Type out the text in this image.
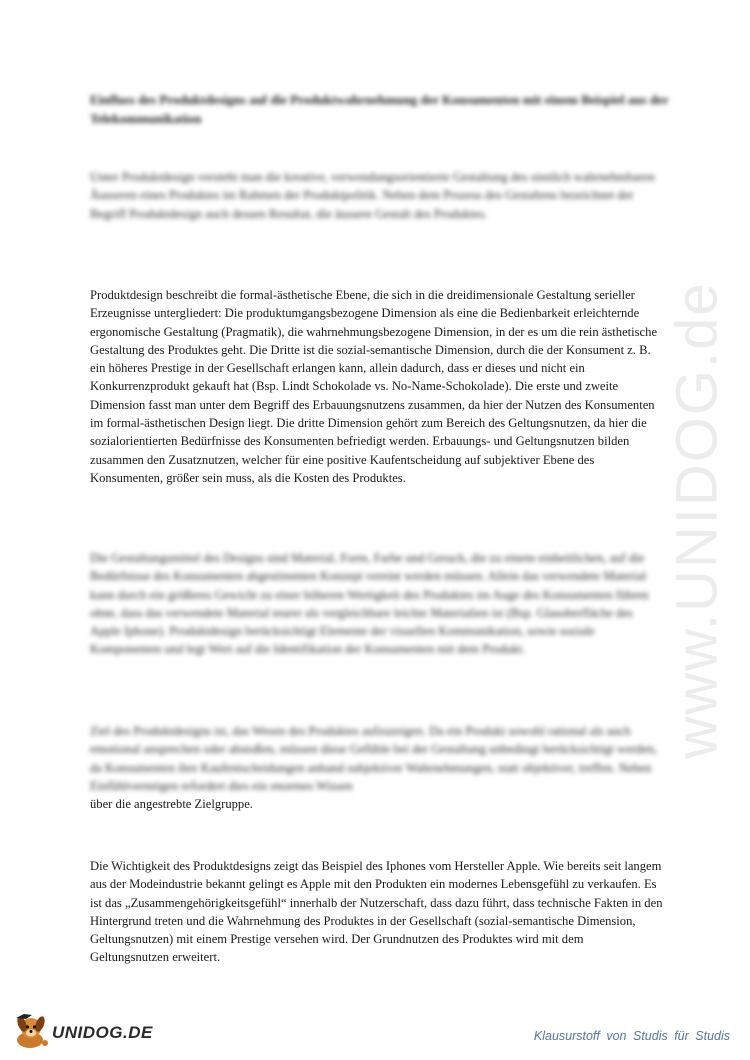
www.UNIDOG.de
Einfluss des Produktdesigns auf die Produktwahrnehmung der Konsumenten mit einem Beispiel aus der Telekommunikation

Unter Produktdesign versteht man die kreative, verwendungsorientierte Gestaltung des sinnlich wahrnehmbaren Äusseren eines Produktes im Rahmen der Produktpolitik. Neben dem Prozess des Gestaltens bezeichnet der Begriff Produktdesign auch dessen Resultat, die äussere Gestalt des Produktes.

Produktdesign beschreibt die formal-ästhetische Ebene, die sich in die dreidimensionale Gestaltung serieller Erzeugnisse untergliedert: Die produktumgangsbezogene Dimension als eine die Bedienbarkeit erleichternde ergonomische Gestaltung (Pragmatik), die wahrnehmungsbezogene Dimension, in der es um die rein ästhetische Gestaltung des Produktes geht. Die Dritte ist die sozial-semantische Dimension, durch die der Konsument z. B. ein höheres Prestige in der Gesellschaft erlangen kann, allein dadurch, dass er dieses und nicht ein Konkurrenzprodukt gekauft hat (Bsp. Lindt Schokolade vs. No-Name-Schokolade). Die erste und zweite Dimension fasst man unter dem Begriff des Erbauungsnutzens zusammen, da hier der Nutzen des Konsumenten im formal-ästhetischen Design liegt. Die dritte Dimension gehört zum Bereich des Geltungsnutzen, da hier die sozialorientierten Bedürfnisse des Konsumenten befriedigt werden. Erbauungs- und Geltungsnutzen bilden zusammen den Zusatznutzen, welcher für eine positive Kaufentscheidung auf subjektiver Ebene des Konsumenten, größer sein muss, als die Kosten des Produktes.

Die Gestaltungsmittel des Designs sind Material, Form, Farbe und Geruch, die zu einem einheitlichen, auf die Bedürfnisse des Konsumenten abgestimmten Konzept vereint werden müssen. Allein das verwendete Material kann durch ein größeres Gewicht zu einer höheren Wertigkeit des Produktes im Auge des Konsumenten führen ohne, dass das verwendete Material teurer als vergleichbare leichte Materialien ist (Bsp. Glasoberfläche des Apple Iphone). Produktdesign berücksichtigt Elemente der visuellen Kommunikation, sowie soziale Komponenten und legt Wert auf die Identifikation der Konsumenten mit dem Produkt.

Ziel des Produktdesigns ist, das Wesen des Produktes aufzuzeigen. Da ein Produkt sowohl rational als auch emotional ansprechen oder abstoßen, müssen diese Gefühle bei der Gestaltung unbedingt berücksichtigt werden, da Konsumenten ihre Kaufentscheidungen anhand subjektiver Wahrnehmungen, statt objektiver, treffen. Neben Einfühlvermögen erfordert dies ein enormes Wissen

über die angestrebte Zielgruppe.

Die Wichtigkeit des Produktdesigns zeigt das Beispiel des Iphones vom Hersteller Apple. Wie bereits seit langem aus der Modeindustrie bekannt gelingt es Apple mit den Produkten ein modernes Lebensgefühl zu verkaufen. Es ist das „Zusammengehörigkeitsgefühl“ innerhalb der Nutzerschaft, dass dazu führt, dass technische Fakten in den Hintergrund treten und die Wahrnehmung des Produktes in der Gesellschaft (sozial-semantische Dimension, Geltungsnutzen) mit einem Prestige versehen wird. Der Grundnutzen des Produktes wird mit dem Geltungsnutzen erweitert.

UNIDOG.DE	Klausurstoff von Studis für Studis
